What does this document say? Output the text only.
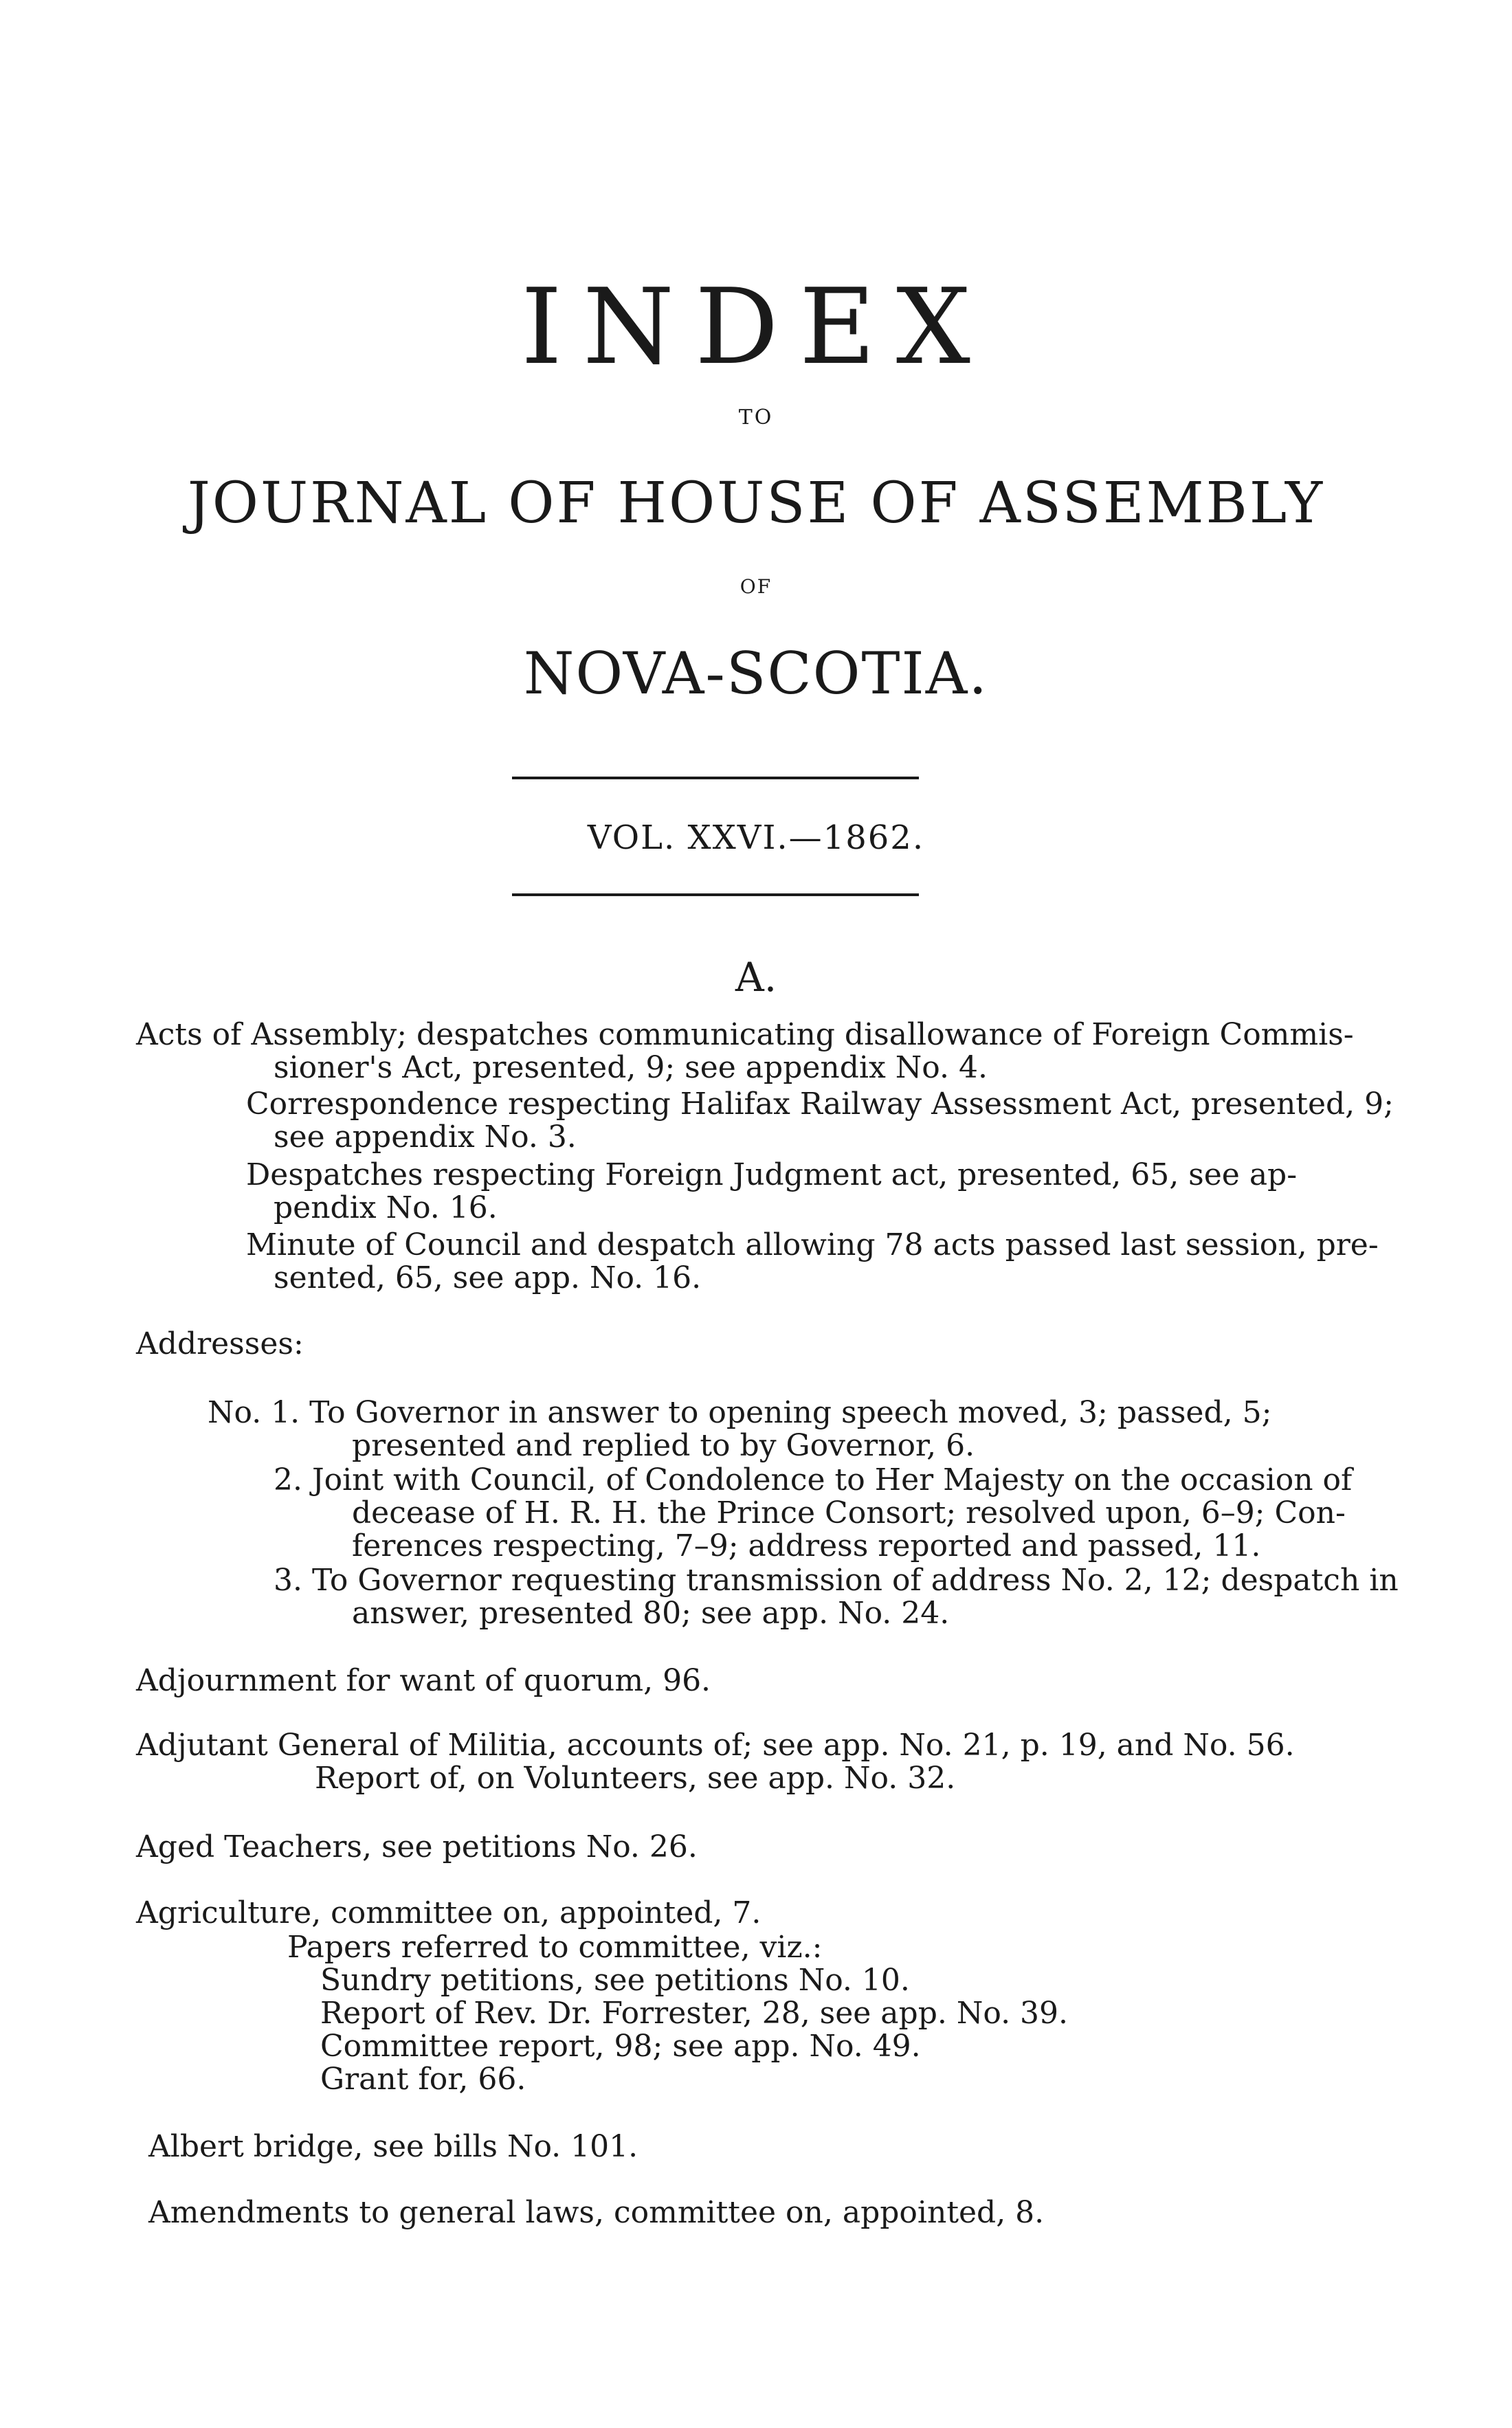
INDEX
TO
JOURNAL OF HOUSE OF ASSEMBLY
OF
NOVA-SCOTIA.
VOL. XXVI.—1862.
A.
Acts of Assembly; despatches communicating disallowance of Foreign Commis-
sioner's Act, presented, 9; see appendix No. 4.
Correspondence respecting Halifax Railway Assessment Act, presented, 9;
see appendix No. 3.
Despatches respecting Foreign Judgment act, presented, 65, see ap-
pendix No. 16.
Minute of Council and despatch allowing 78 acts passed last session, pre-
sented, 65, see app. No. 16.
Addresses:
No. 1. To Governor in answer to opening speech moved, 3; passed, 5;
presented and replied to by Governor, 6.
2. Joint with Council, of Condolence to Her Majesty on the occasion of
decease of H. R. H. the Prince Consort; resolved upon, 6–9; Con-
ferences respecting, 7–9; address reported and passed, 11.
3. To Governor requesting transmission of address No. 2, 12; despatch in
answer, presented 80; see app. No. 24.
Adjournment for want of quorum, 96.
Adjutant General of Militia, accounts of; see app. No. 21, p. 19, and No. 56.
Report of, on Volunteers, see app. No. 32.
Aged Teachers, see petitions No. 26.
Agriculture, committee on, appointed, 7.
Papers referred to committee, viz.:
Sundry petitions, see petitions No. 10.
Report of Rev. Dr. Forrester, 28, see app. No. 39.
Committee report, 98; see app. No. 49.
Grant for, 66.
Albert bridge, see bills No. 101.
Amendments to general laws, committee on, appointed, 8.
